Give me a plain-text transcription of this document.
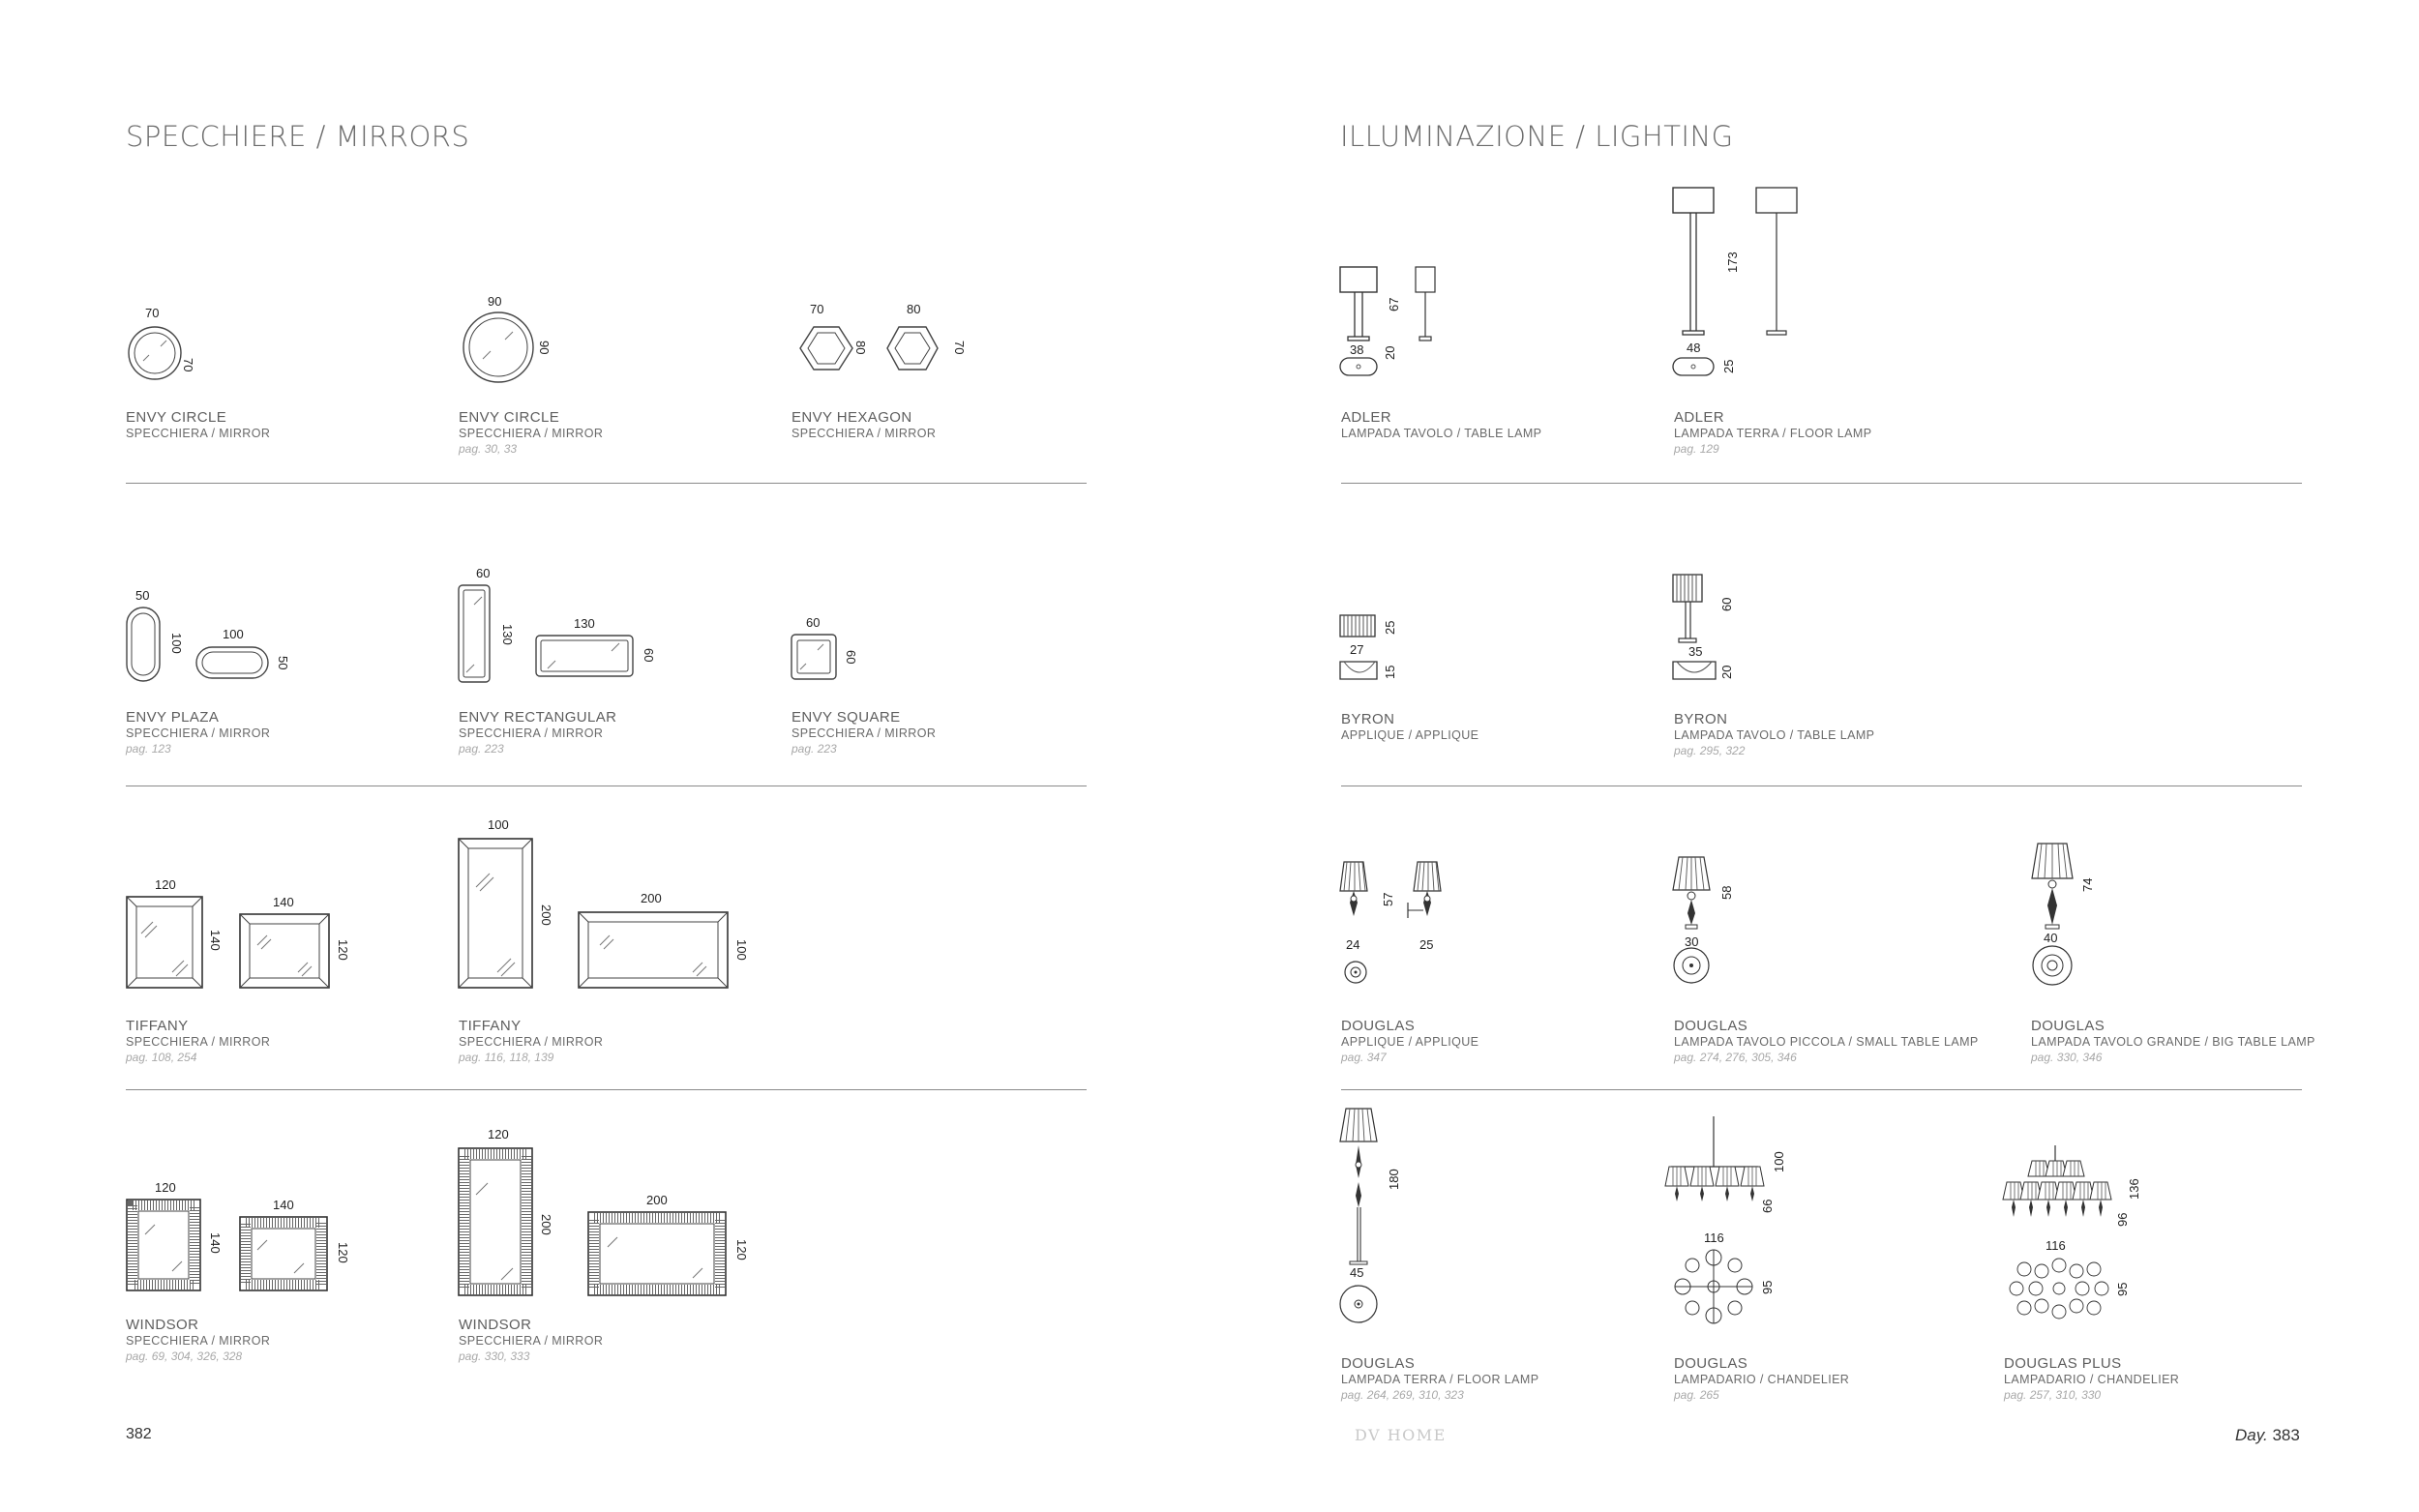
SPECCHIERE / MIRRORS
70
70
ENVY CIRCLE
SPECCHIERA / MIRROR
90
90
ENVY CIRCLE
SPECCHIERA / MIRROR
pag. 30, 33
70
80
80
70
ENVY HEXAGON
SPECCHIERA / MIRROR
50
100	100
50
ENVY PLAZA
SPECCHIERA / MIRROR
pag. 123
60
130
130
60
ENVY RECTANGULAR
SPECCHIERA / MIRROR
pag. 223
60
60
ENVY SQUARE
SPECCHIERA / MIRROR
pag. 223
120
140
140
120
TIFFANY
SPECCHIERA / MIRROR
pag. 108, 254
100
200
200
100
TIFFANY
SPECCHIERA / MIRROR
pag. 116, 118, 139
120
140
140
120
WINDSOR
SPECCHIERA / MIRROR
pag. 69, 304, 326, 328
120
200
200
120
WINDSOR
SPECCHIERA / MIRROR
pag. 330, 333
ILLUMINAZIONE / LIGHTING
38 20
67
ADLER
LAMPADA TAVOLO / TABLE LAMP
48
25
173
ADLER
LAMPADA TERRA / FLOOR LAMP
pag. 129
25
27
15
BYRON
APPLIQUE / APPLIQUE
60
35
20
BYRON
LAMPADA TAVOLO / TABLE LAMP
pag. 295, 322
24
57
25
DOUGLAS
APPLIQUE / APPLIQUE
pag. 347
58
30
DOUGLAS
LAMPADA TAVOLO PICCOLA / SMALL TABLE LAMP
pag. 274, 276, 305, 346
74
40
DOUGLAS
LAMPADA TAVOLO GRANDE / BIG TABLE LAMP
pag. 330, 346
180
45
DOUGLAS
LAMPADA TERRA / FLOOR LAMP
pag. 264, 269, 310, 323
100
66
116
95
DOUGLAS
LAMPADARIO / CHANDELIER
pag. 265
136
96
116
95
DOUGLAS PLUS
LAMPADARIO / CHANDELIER
pag. 257, 310, 330
382	DV HOME	Day. 383
